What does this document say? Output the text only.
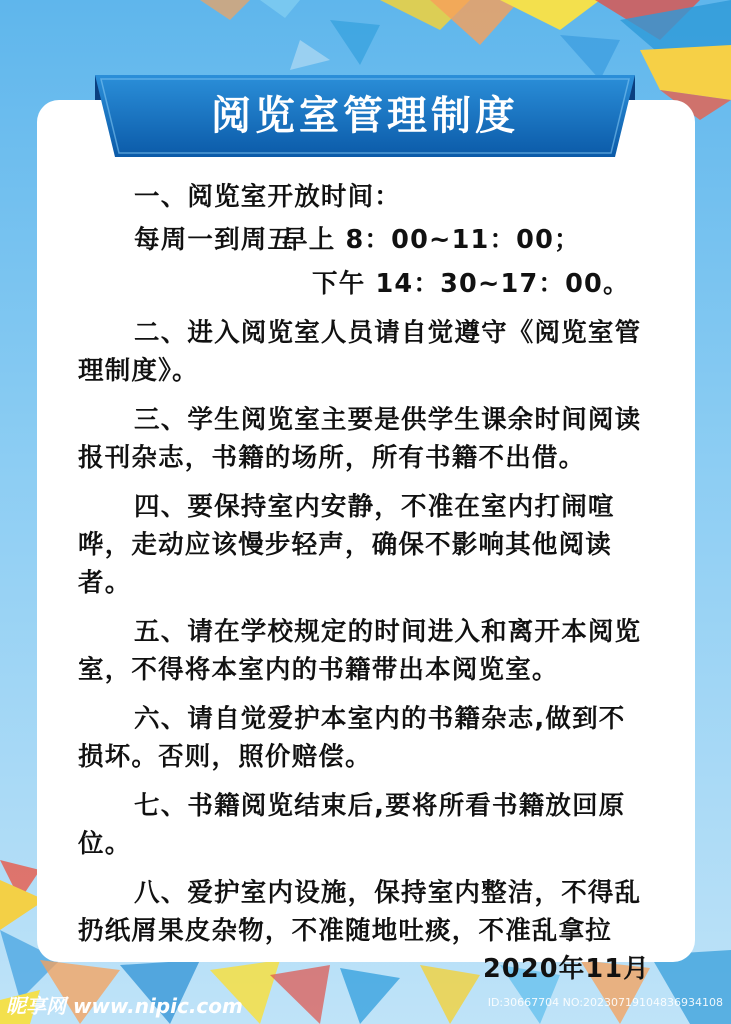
阅览室管理制度
一、阅览室开放时间：
每周一到周五早上 8：00~11：00；
下午 14：30~17：00。
二、进入阅览室人员请自觉遵守《阅览室管
理制度》。
三、学生阅览室主要是供学生课余时间阅读
报刊杂志，书籍的场所，所有书籍不出借。
四、要保持室内安静，不准在室内打闹喧
哗，走动应该慢步轻声，确保不影响其他阅读
者。
五、请在学校规定的时间进入和离开本阅览
室，不得将本室内的书籍带出本阅览室。
六、请自觉爱护本室内的书籍杂志,做到不
损坏。否则，照价赔偿。
七、书籍阅览结束后,要将所看书籍放回原
位。
八、爱护室内设施，保持室内整洁，不得乱
扔纸屑果皮杂物，不准随地吐痰，不准乱拿拉
2020年11月
昵享网 www.nipic.com	ID:30667704 NO:20230719104836934108
